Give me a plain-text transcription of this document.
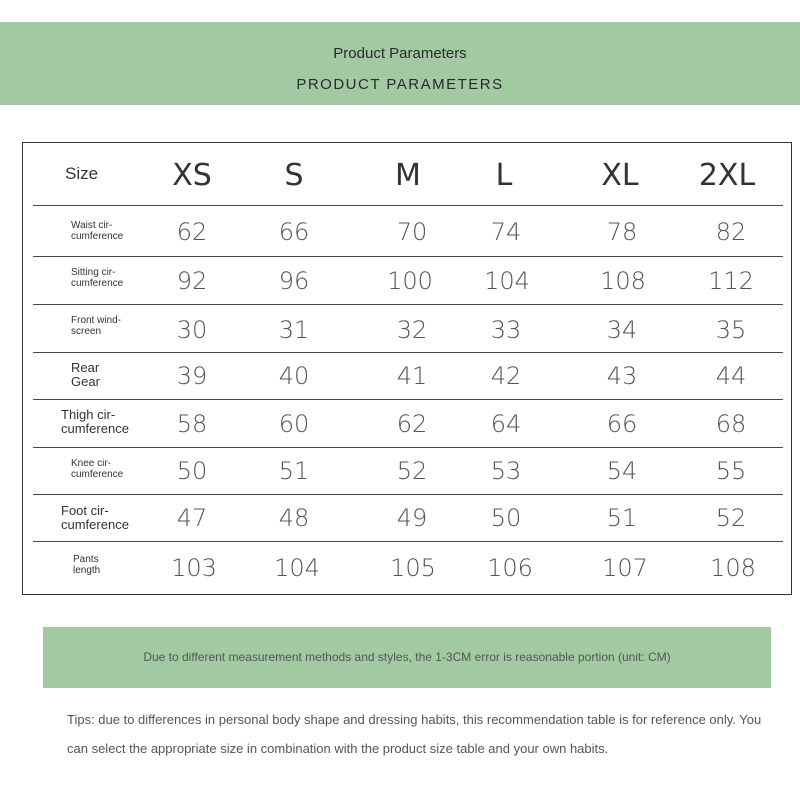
Product Parameters
PRODUCT PARAMETERS
Size	XS	S	M	L	XL	2XL
Waist cir-
cumference	62	66	70	74	78	82
Sitting cir-
cumference	92	96	100	104	108	112
Front wind-
screen	30	31	32	33	34	35
Rear
Gear	39	40	41	42	43	44
Thigh cir-
cumference	58	60	62	64	66	68
Knee cir-
cumference	50	51	52	53	54	55
Foot cir-
cumference	47	48	49	50	51	52
Pants
length	103	104	105	106	107	108
Due to different measurement methods and styles, the 1-3CM error is reasonable portion (unit: CM)
Tips: due to differences in personal body shape and dressing habits, this recommendation table is for reference only. You can select the appropriate size in combination with the product size table and your own habits.
